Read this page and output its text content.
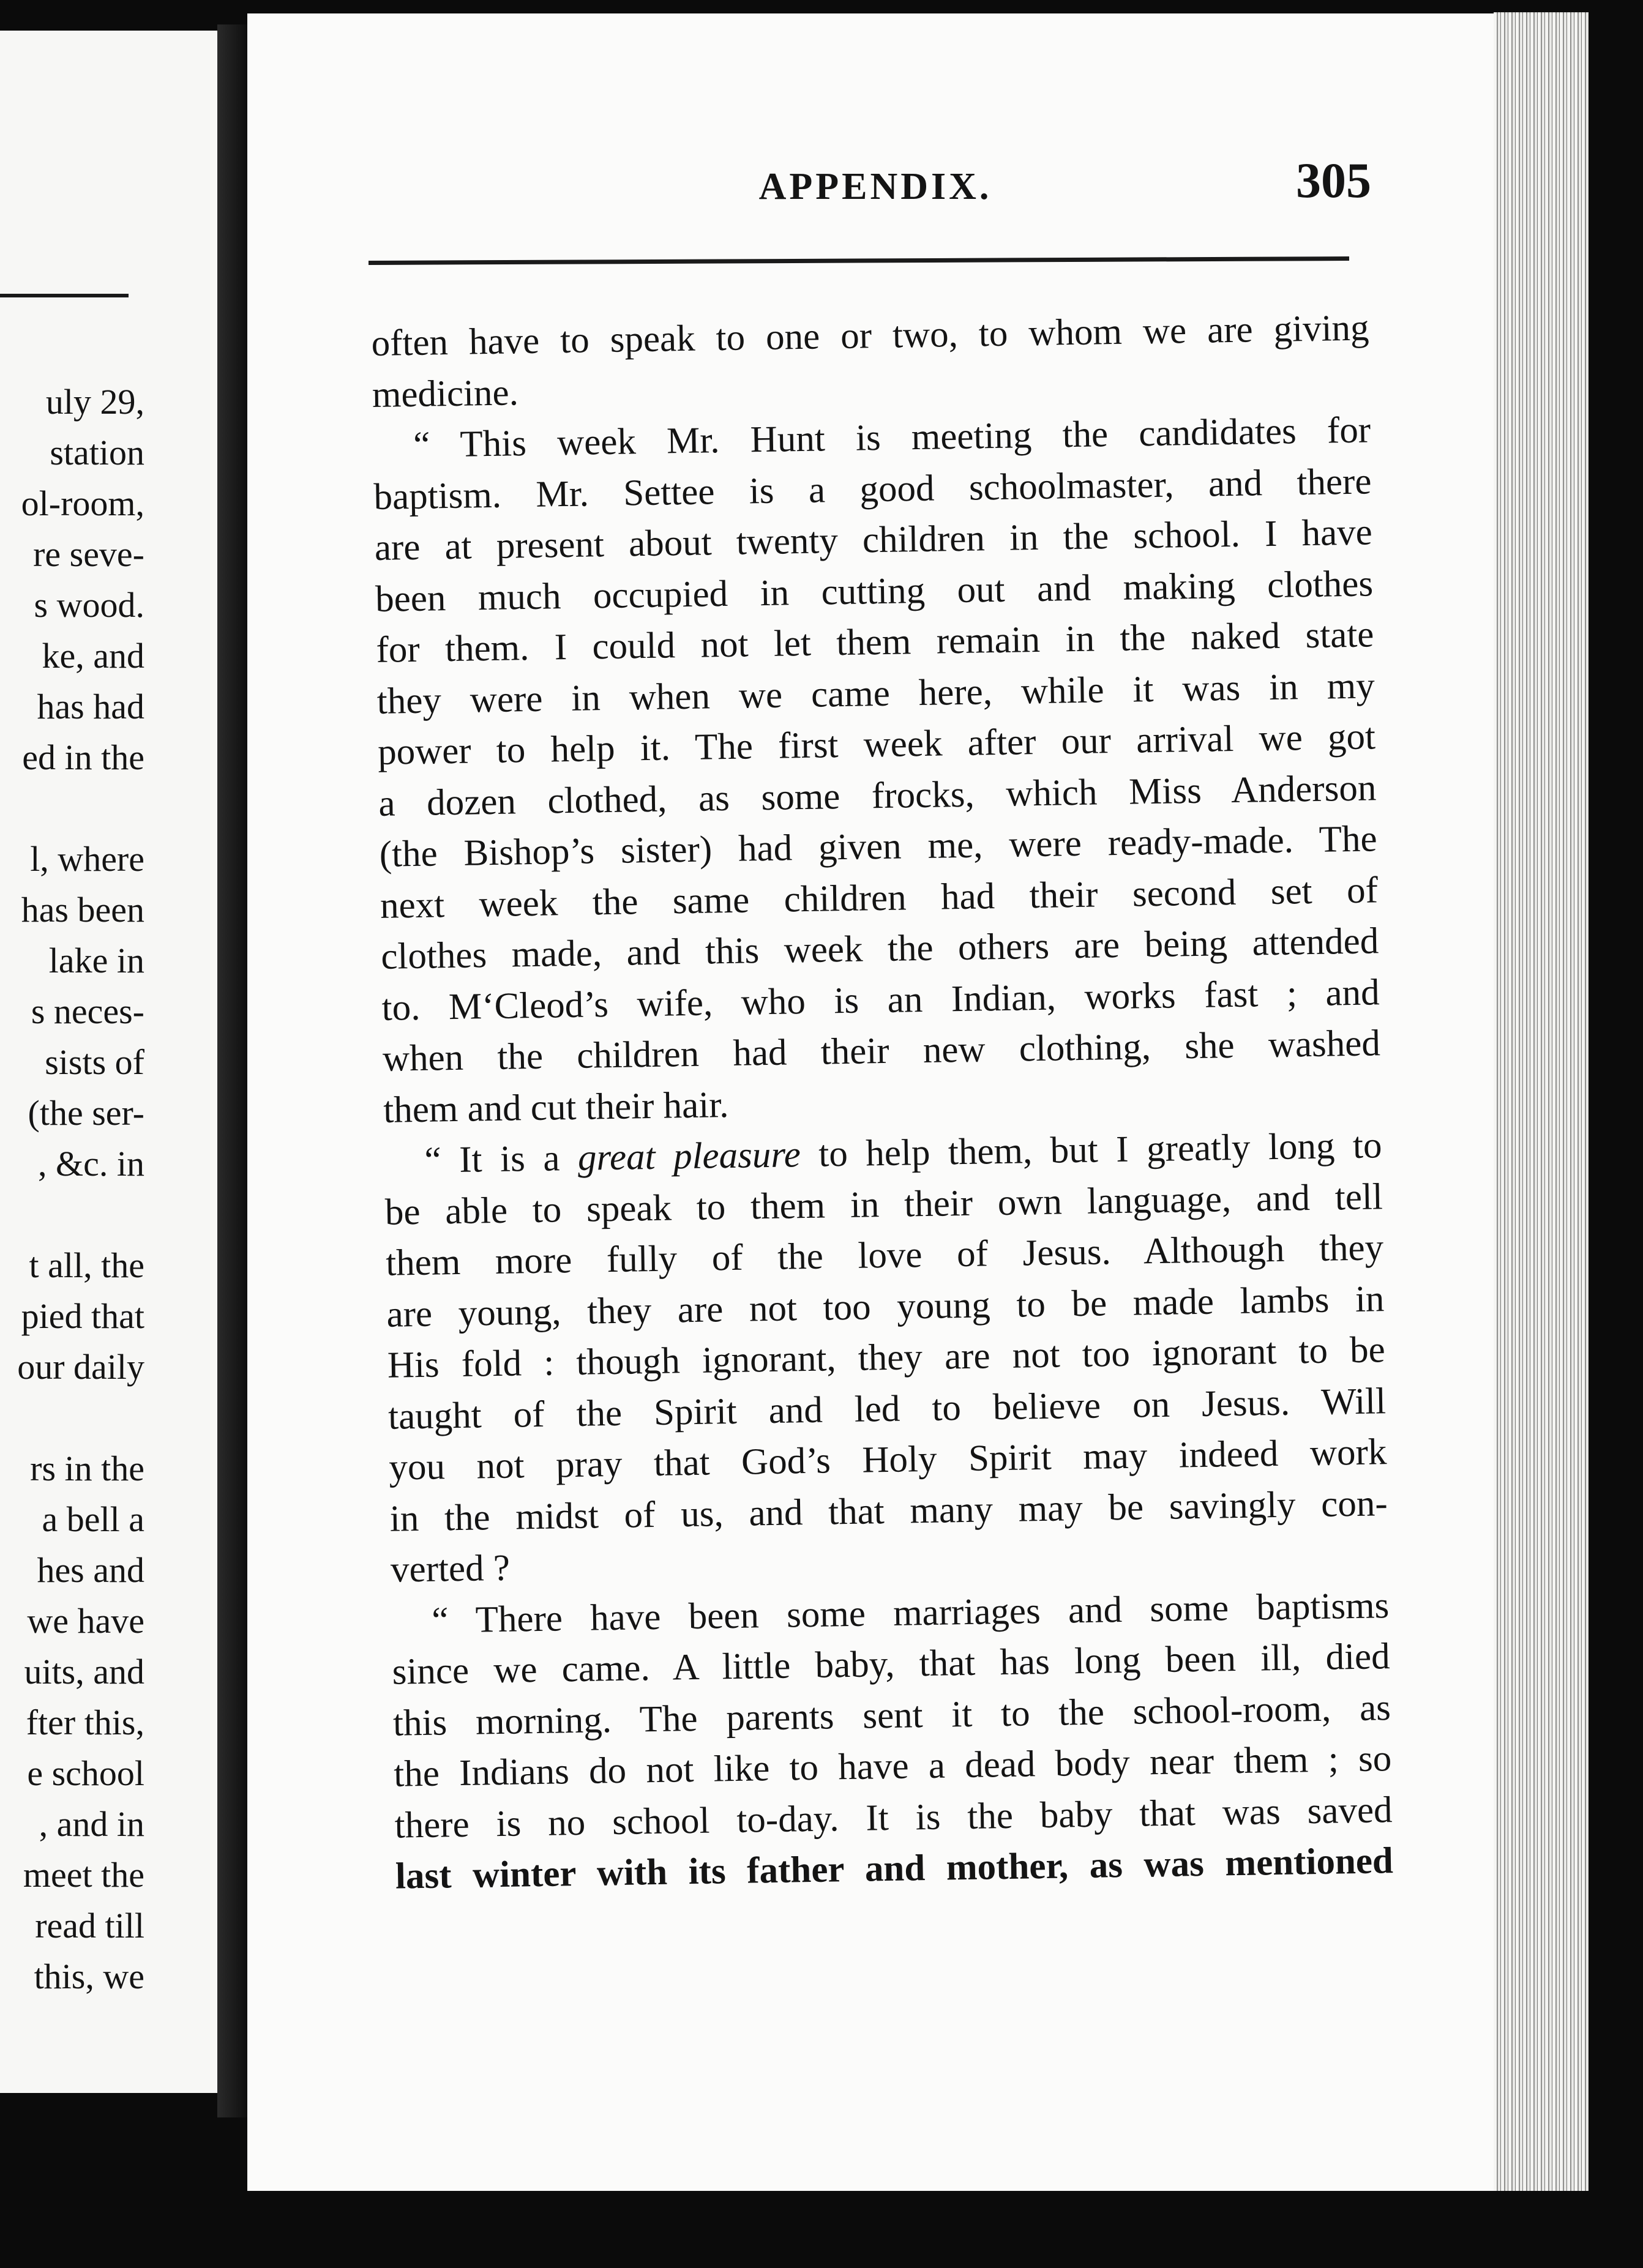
uly 29,
station
ol-room,
re seve-
s wood.
ke, and
has had
ed in the
l, where
has been
lake in
s neces-
sists of
(the ser-
, &c. in
t all, the
pied that
our daily
rs in the
a bell a
hes and
we have
uits, and
fter this,
e school
, and in
meet the
read till
this, we
APPENDIX.	305
often have to speak to one or two, to whom we are giving
medicine.
“ This week Mr. Hunt is meeting the candidates for
baptism. Mr. Settee is a good schoolmaster, and there
are at present about twenty children in the school. I have
been much occupied in cutting out and making clothes
for them. I could not let them remain in the naked state
they were in when we came here, while it was in my
power to help it. The first week after our arrival we got
a dozen clothed, as some frocks, which Miss Anderson
(the Bishop’s sister) had given me, were ready-made. The
next week the same children had their second set of
clothes made, and this week the others are being attended
to. M‘Cleod’s wife, who is an Indian, works fast ; and
when the children had their new clothing, she washed
them and cut their hair.
“ It is a great pleasure to help them, but I greatly long to
be able to speak to them in their own language, and tell
them more fully of the love of Jesus. Although they
are young, they are not too young to be made lambs in
His fold : though ignorant, they are not too ignorant to be
taught of the Spirit and led to believe on Jesus. Will
you not pray that God’s Holy Spirit may indeed work
in the midst of us, and that many may be savingly con-
verted ?
“ There have been some marriages and some baptisms
since we came. A little baby, that has long been ill, died
this morning. The parents sent it to the school-room, as
the Indians do not like to have a dead body near them ; so
there is no school to-day. It is the baby that was saved
last winter with its father and mother, as was mentioned
